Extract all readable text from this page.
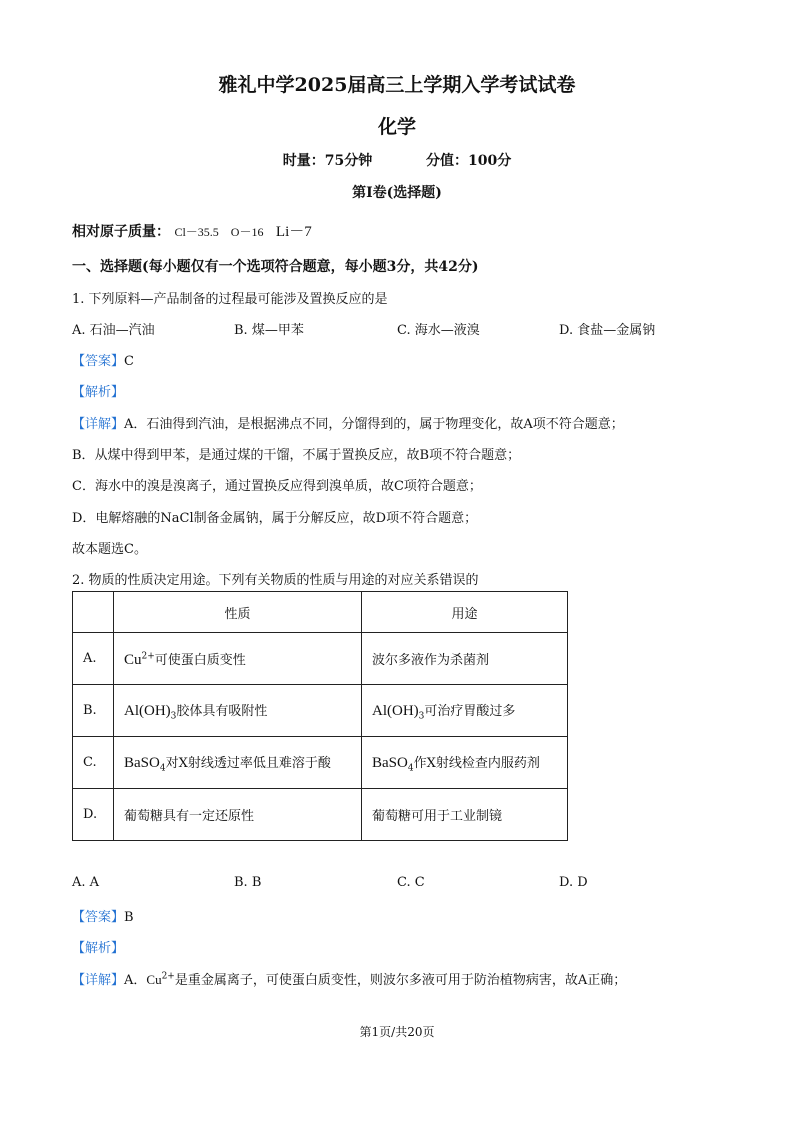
雅礼中学2025届高三上学期入学考试试卷
化学
时量：75分钟	分值：100分
第Ⅰ卷(选择题)
相对原子质量： Cl－35.5　O－16 Li－7
一、选择题(每小题仅有一个选项符合题意，每小题3分，共42分)
1. 下列原料—产品制备的过程最可能涉及置换反应的是
A. 石油—汽油	B. 煤—甲苯	C. 海水—液溴	D. 食盐—金属钠
【答案】C
【解析】
【详解】A．石油得到汽油，是根据沸点不同，分馏得到的，属于物理变化，故A项不符合题意；
B．从煤中得到甲苯，是通过煤的干馏，不属于置换反应，故B项不符合题意；
C．海水中的溴是溴离子，通过置换反应得到溴单质，故C项符合题意；
D．电解熔融的NaCl制备金属钠，属于分解反应，故D项不符合题意；
故本题选C。
2. 物质的性质决定用途。下列有关物质的性质与用途的对应关系错误的
	性质	用途
A.	$Cu^{2+}$可使蛋白质变性	波尔多液作为杀菌剂
B.	$Al(OH)_3$胶体具有吸附性	$Al(OH)_3$可治疗胃酸过多
C.	BaSO$_4$对X射线透过率低且难溶于酸	BaSO$_4$作X射线检查内服药剂
D.	葡萄糖具有一定还原性	葡萄糖可用于工业制镜
A. A	B. B	C. C	D. D
【答案】B
【解析】
【详解】A．$Cu^{2+}$是重金属离子，可使蛋白质变性，则波尔多液可用于防治植物病害，故A正确；
第1页/共20页
